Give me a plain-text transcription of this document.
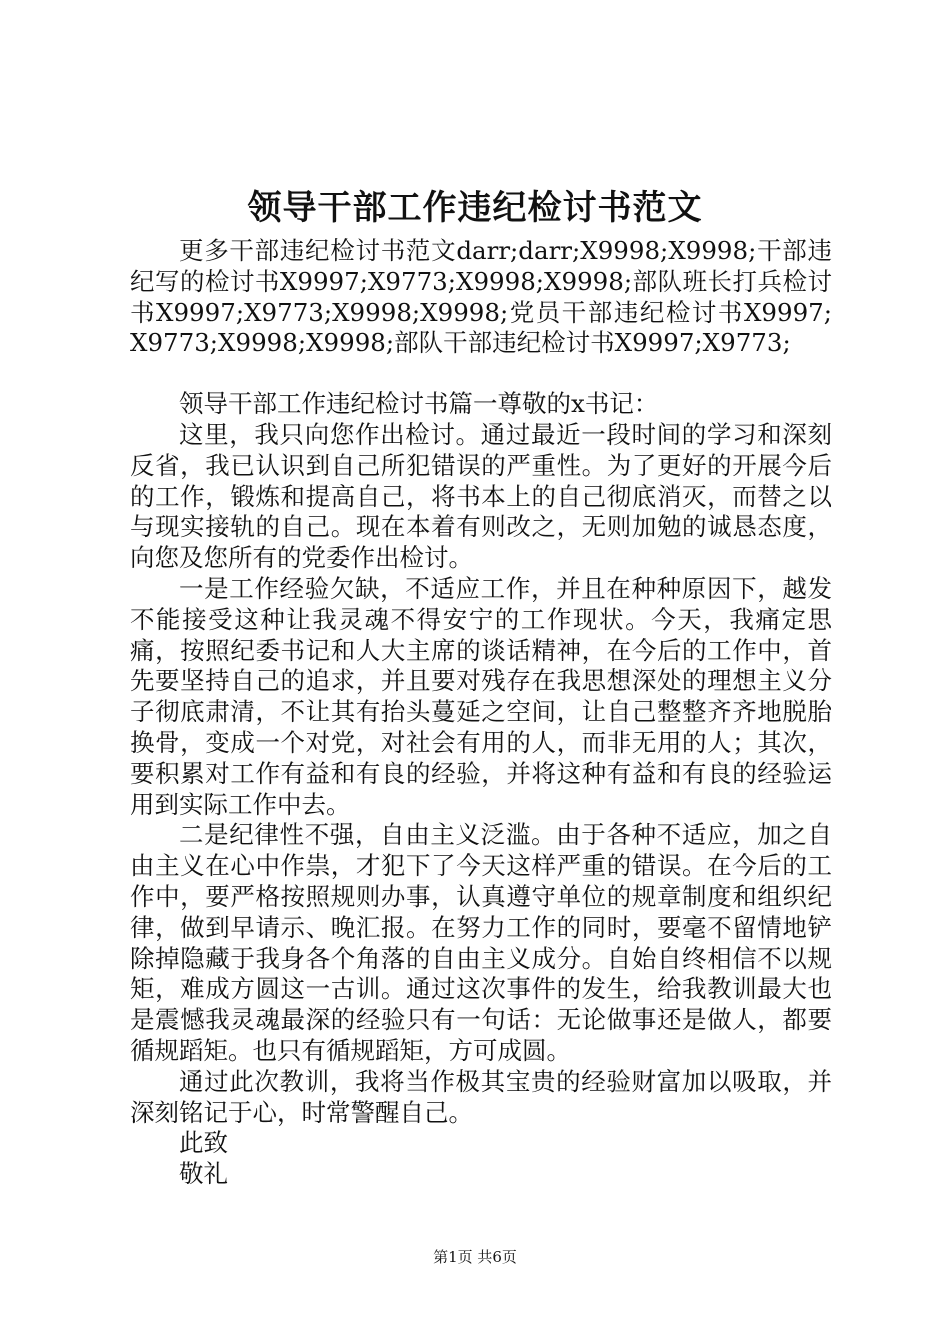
领导干部工作违纪检讨书范文

更多干部违纪检讨书范文darr;darr;X9998;X9998;干部违纪写的检讨书X9997;X9773;X9998;X9998;部队班长打兵检讨书X9997;X9773;X9998;X9998;党员干部违纪检讨书X9997;X9773;X9998;X9998;部队干部违纪检讨书X9997;X9773;

领导干部工作违纪检讨书篇一尊敬的x书记：

这里，我只向您作出检讨。通过最近一段时间的学习和深刻反省，我已认识到自己所犯错误的严重性。为了更好的开展今后的工作，锻炼和提高自己，将书本上的自己彻底消灭，而替之以与现实接轨的自己。现在本着有则改之，无则加勉的诚恳态度，向您及您所有的党委作出检讨。

一是工作经验欠缺，不适应工作，并且在种种原因下，越发不能接受这种让我灵魂不得安宁的工作现状。今天，我痛定思痛，按照纪委书记和人大主席的谈话精神，在今后的工作中，首先要坚持自己的追求，并且要对残存在我思想深处的理想主义分子彻底肃清，不让其有抬头蔓延之空间，让自己整整齐齐地脱胎换骨，变成一个对党，对社会有用的人，而非无用的人；其次，要积累对工作有益和有良的经验，并将这种有益和有良的经验运用到实际工作中去。

二是纪律性不强，自由主义泛滥。由于各种不适应，加之自由主义在心中作祟，才犯下了今天这样严重的错误。在今后的工作中，要严格按照规则办事，认真遵守单位的规章制度和组织纪律，做到早请示、晚汇报。在努力工作的同时，要毫不留情地铲除掉隐藏于我身各个角落的自由主义成分。自始自终相信不以规矩，难成方圆这一古训。通过这次事件的发生，给我教训最大也是震憾我灵魂最深的经验只有一句话：无论做事还是做人，都要循规蹈矩。也只有循规蹈矩，方可成圆。

通过此次教训，我将当作极其宝贵的经验财富加以吸取，并深刻铭记于心，时常警醒自己。

此致

敬礼

第1页 共6页
